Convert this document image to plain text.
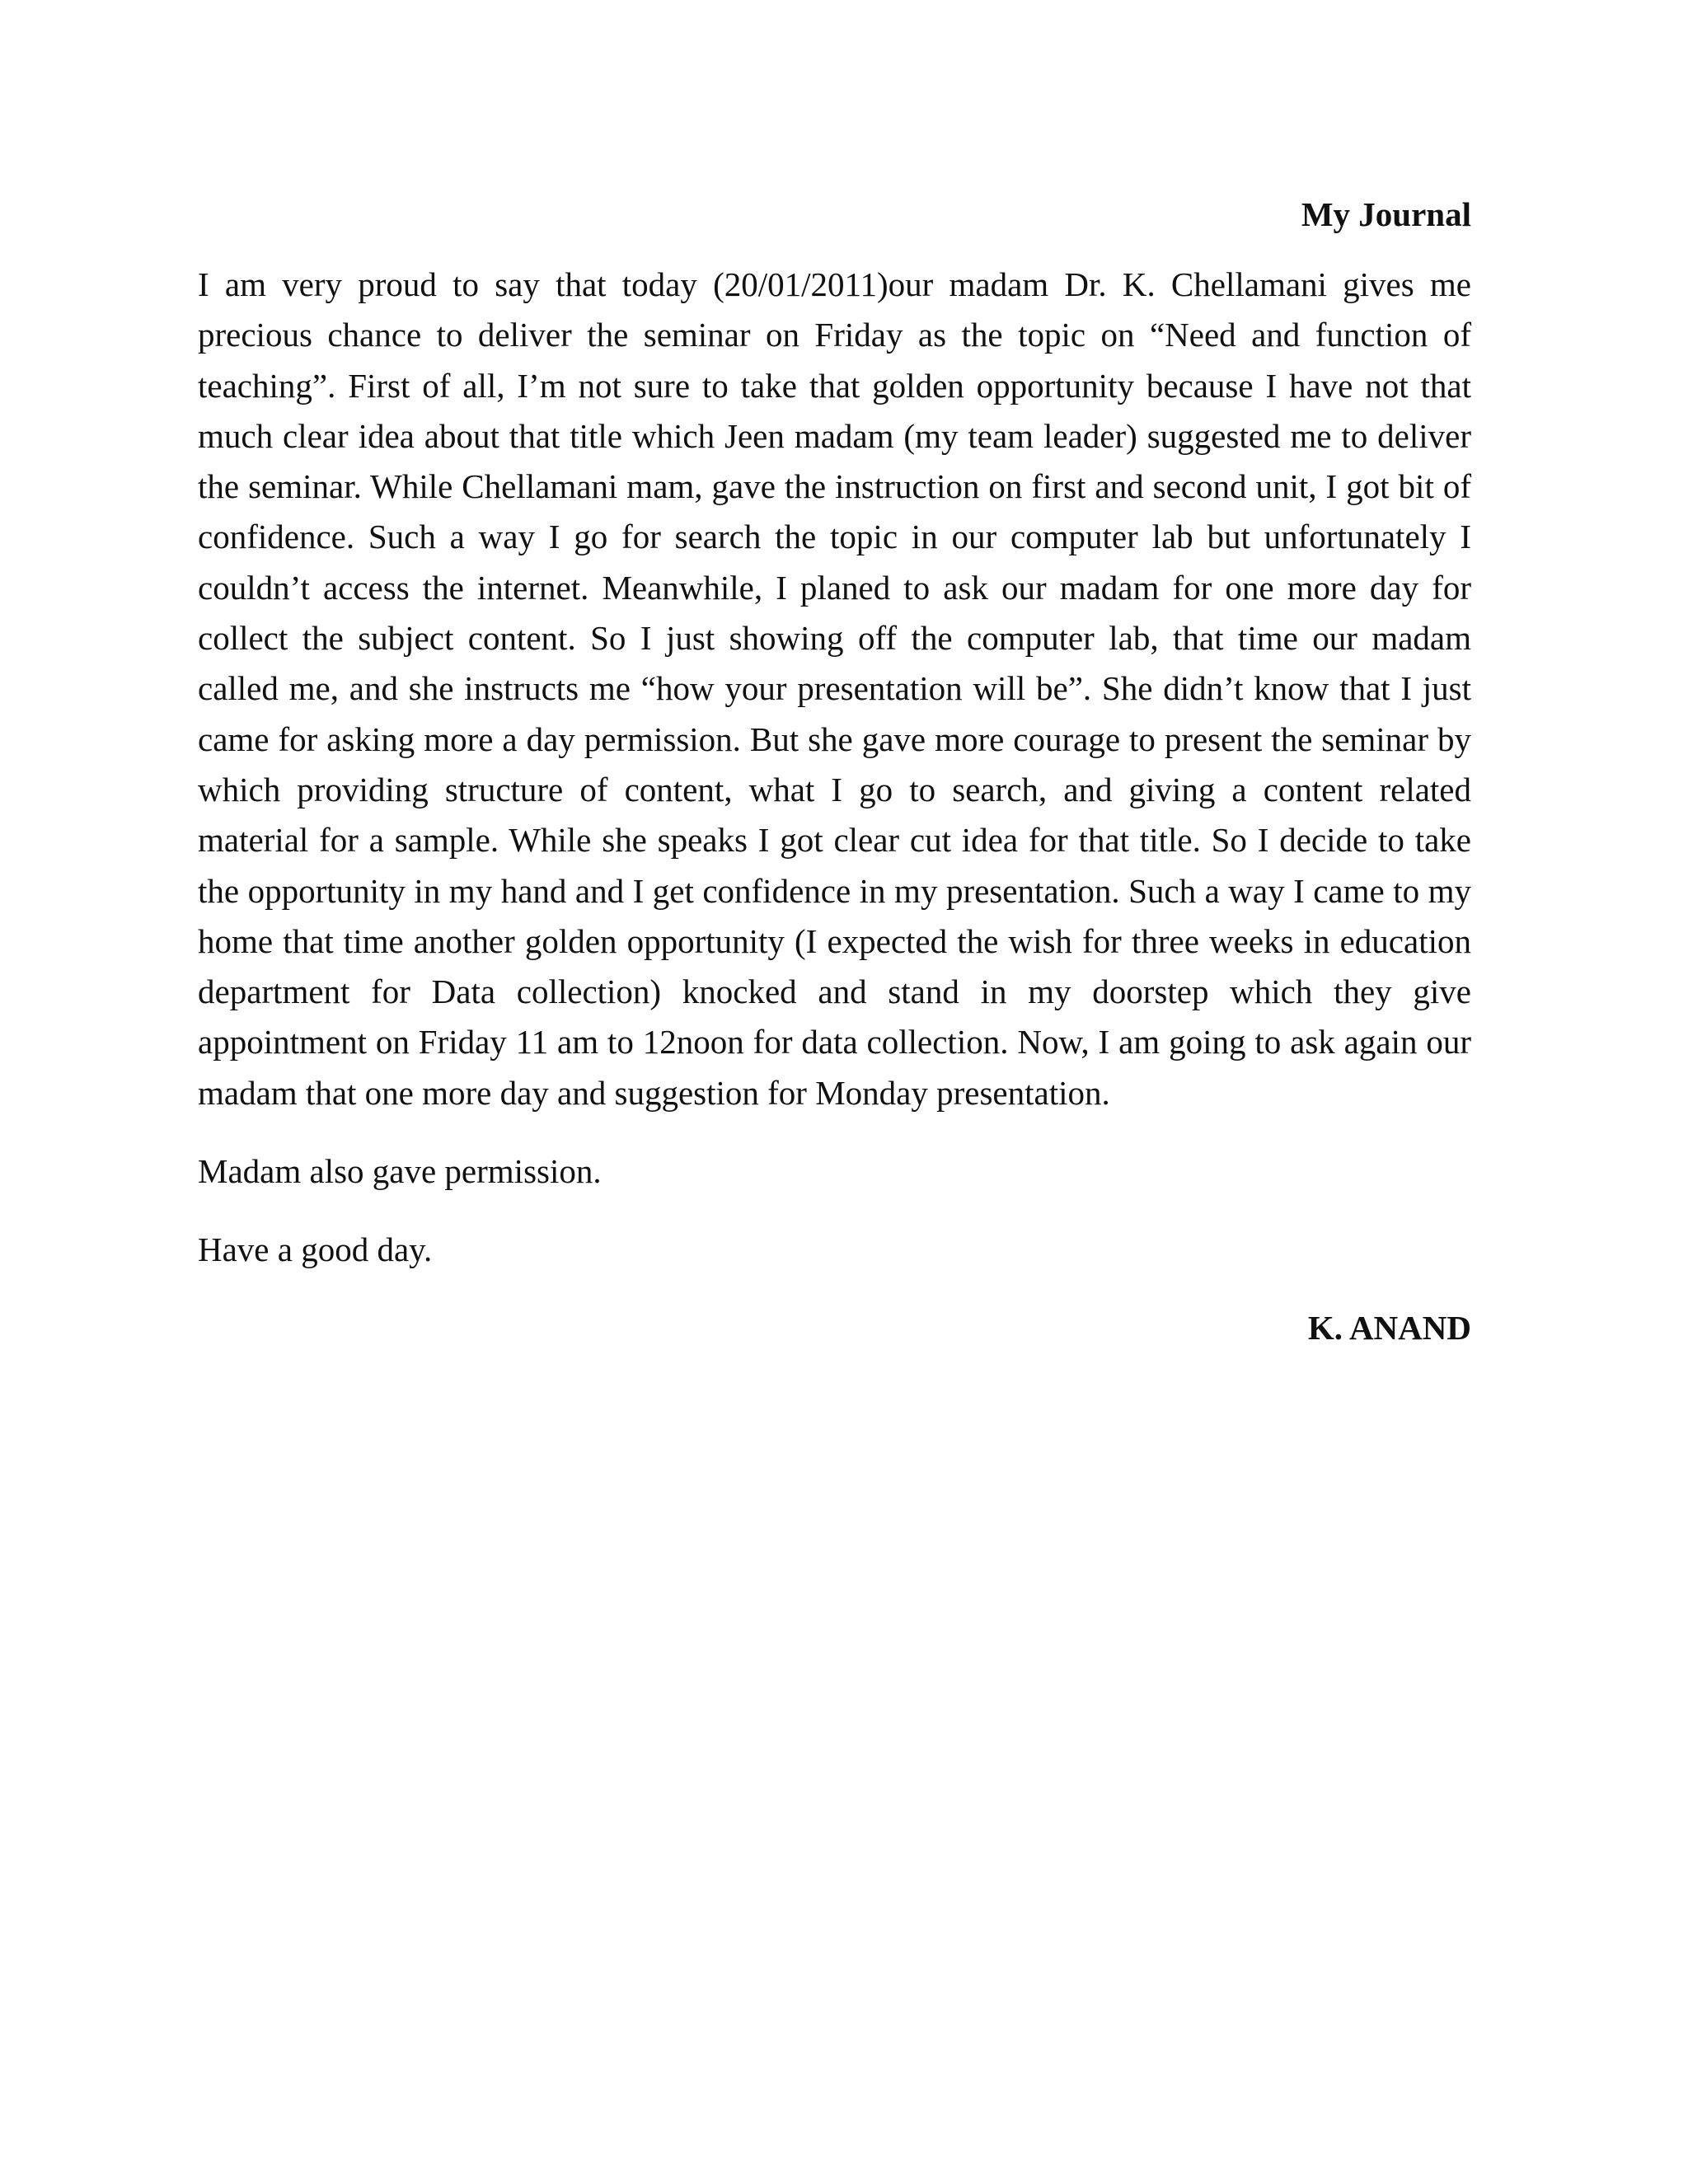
My Journal

I am very proud to say that today (20/01/2011)our madam Dr. K. Chellamani gives me precious chance to deliver the seminar on Friday as the topic on “Need and function of teaching”. First of all, I’m not sure to take that golden opportunity because I have not that much clear idea about that title which Jeen madam (my team leader) suggested me to deliver the seminar. While Chellamani mam, gave the instruction on first and second unit, I got bit of confidence. Such a way I go for search the topic in our computer lab but unfortunately I couldn’t access the internet. Meanwhile, I planed to ask our madam for one more day for collect the subject content. So I just showing off the computer lab, that time our madam called me, and she instructs me “how your presentation will be”. She didn’t know that I just came for asking more a day permission. But she gave more courage to present the seminar by which providing structure of content, what I go to search, and giving a content related material for a sample. While she speaks I got clear cut idea for that title. So I decide to take the opportunity in my hand and I get confidence in my presentation. Such a way I came to my home that time another golden opportunity (I expected the wish for three weeks in education department for Data collection) knocked and stand in my doorstep which they give appointment on Friday 11 am to 12noon for data collection. Now, I am going to ask again our madam that one more day and suggestion for Monday presentation.

Madam also gave permission.

Have a good day.

K. ANAND
